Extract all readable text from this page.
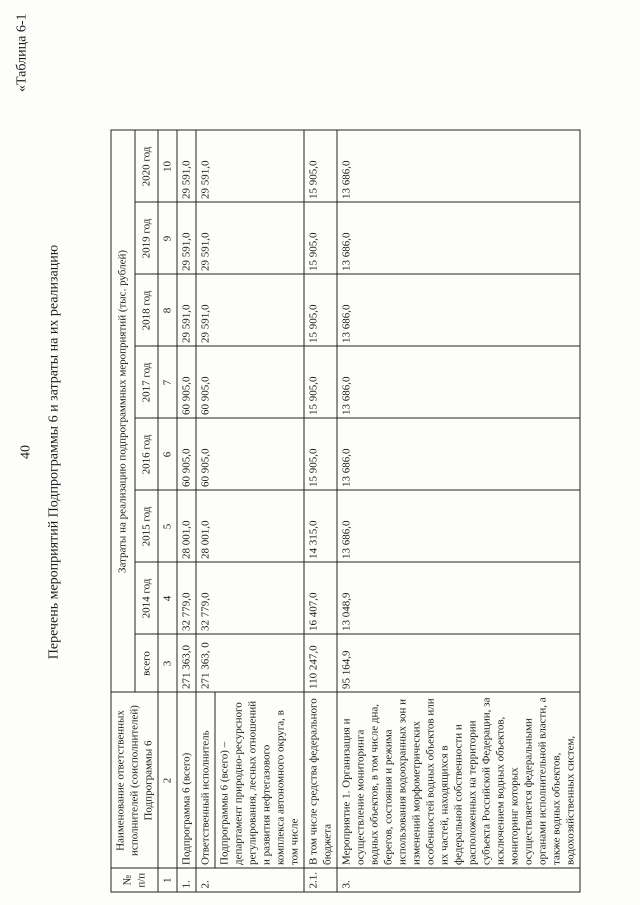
40
«Таблица 6-1
Перечень мероприятий Подпрограммы 6 и затраты на их реализацию
№ п/п	Наименование ответственных исполнителей (соисполнителей) Подпрограммы 6	Затраты на реализацию подпрограммных мероприятий (тыс. рублей)							
		всего	2014 год	2015 год	2016 год	2017 год	2018 год	2019 год	2020 год
1	2	3	4	5	6	7	8	9	10
1.	Подпрограмма 6 (всего)	271 363,0	32 779,0	28 001,0	60 905,0	60 905,0	29 591,0	29 591,0	29 591,0
2.	Ответственный исполнитель Подпрограммы 6 (всего) – департамент природно-ресурсного регулирования, лесных отношений и развития нефтегазового комплекса автономного округа, в том числе	271 363, 0	32 779,0	28 001,0	60 905,0	60 905,0	29 591,0	29 591,0	29 591,0
2.1.	В том числе средства федерального бюджета	110 247,0	16 407,0	14 315,0	15 905,0	15 905,0	15 905,0	15 905,0	15 905,0
3.	Мероприятие 1. Организация и осуществление мониторинга водных объектов, в том числе дна, берегов, состояния и режима использования водоохранных зон и изменений морфометрических особенностей водных объектов или их частей, находящихся в федеральной собственности и расположенных на территории субъекта Российской Федерации, за исключением водных объектов, мониторинг которых осуществляется федеральными органами исполнительной власти, а также водных объектов, водохозяйственных систем,	95 164,9	13 048,9	13 686,0	13 686,0	13 686,0	13 686,0	13 686,0	13 686,0
